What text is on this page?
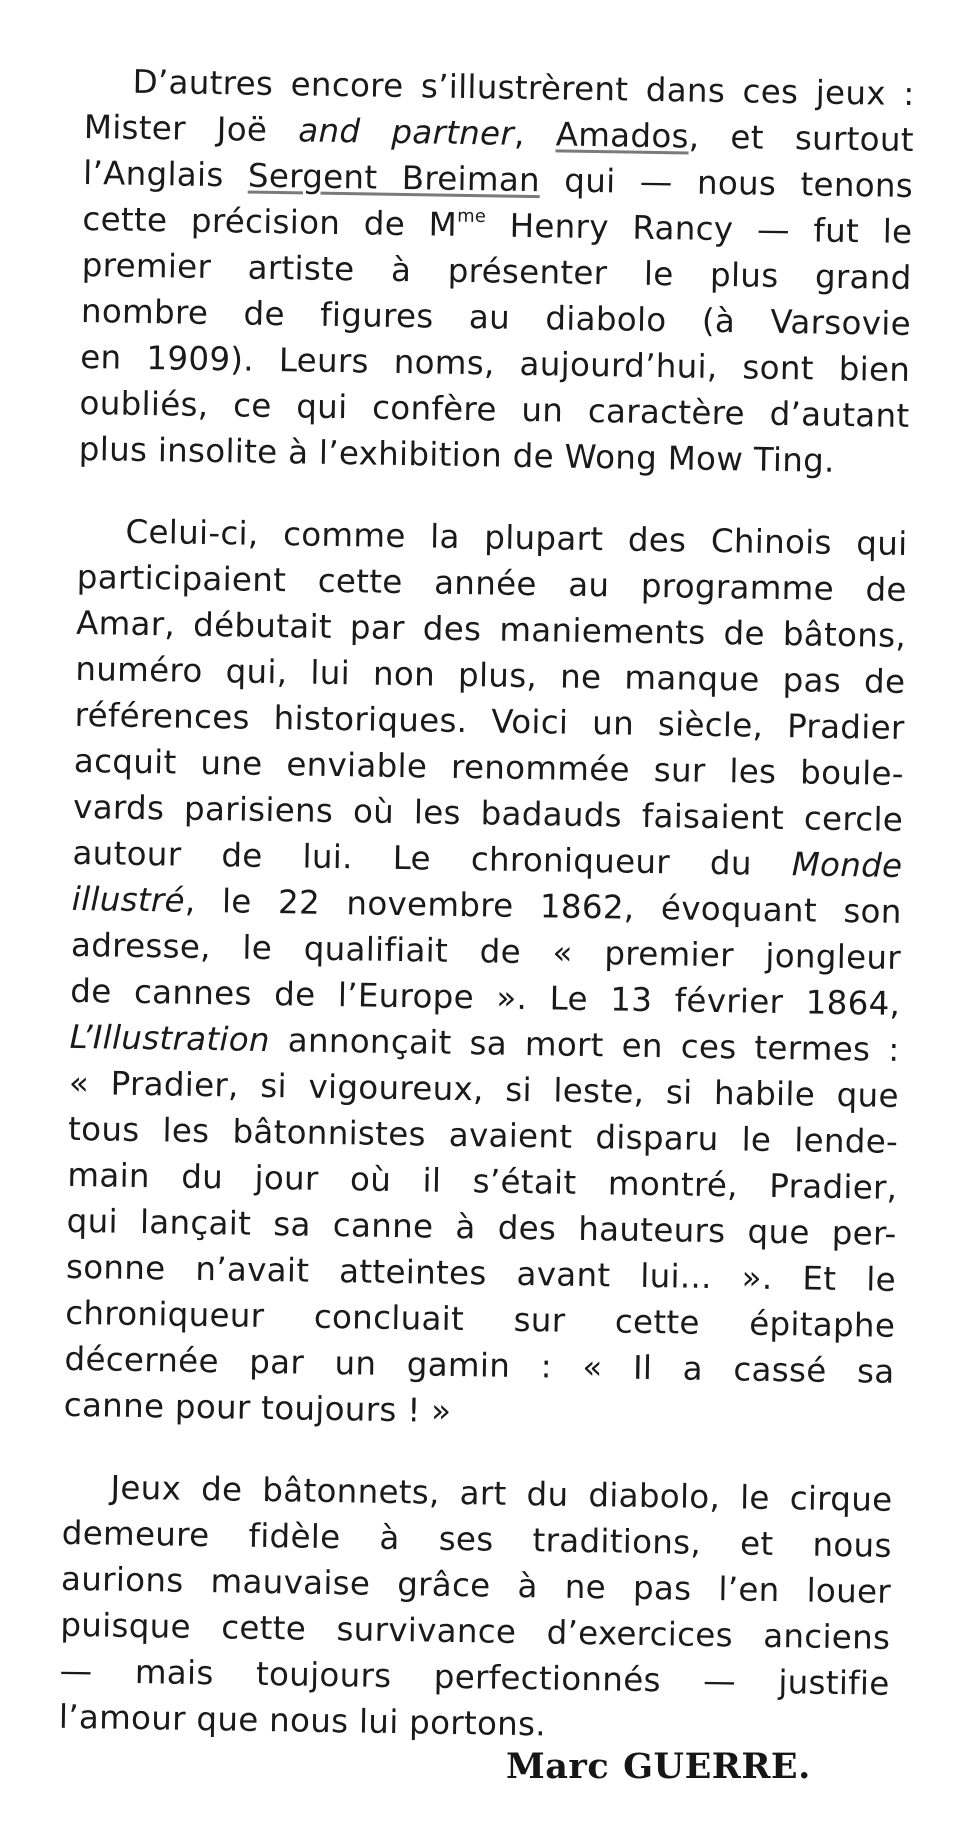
D’autres encore s’illustrèrent dans ces jeux :
Mister Joë and partner, Amados, et surtout
l’Anglais Sergent Breiman qui — nous tenons
cette précision de $M^{me}$ Henry Rancy — fut le
premier artiste à présenter le plus grand
nombre de figures au diabolo (à Varsovie
en 1909). Leurs noms, aujourd’hui, sont bien
oubliés, ce qui confère un caractère d’autant
plus insolite à l’exhibition de Wong Mow Ting.
Celui-ci, comme la plupart des Chinois qui
participaient cette année au programme de
Amar, débutait par des maniements de bâtons,
numéro qui, lui non plus, ne manque pas de
références historiques. Voici un siècle, Pradier
acquit une enviable renommée sur les boule-
vards parisiens où les badauds faisaient cercle
autour de lui. Le chroniqueur du Monde
illustré, le 22 novembre 1862, évoquant son
adresse, le qualifiait de « premier jongleur
de cannes de l’Europe ». Le 13 février 1864,
L’Illustration annonçait sa mort en ces termes :
« Pradier, si vigoureux, si leste, si habile que
tous les bâtonnistes avaient disparu le lende-
main du jour où il s’était montré, Pradier,
qui lançait sa canne à des hauteurs que per-
sonne n’avait atteintes avant lui... ». Et le
chroniqueur concluait sur cette épitaphe
décernée par un gamin : « Il a cassé sa
canne pour toujours ! »
Jeux de bâtonnets, art du diabolo, le cirque
demeure fidèle à ses traditions, et nous
aurions mauvaise grâce à ne pas l’en louer
puisque cette survivance d’exercices anciens
— mais toujours perfectionnés — justifie
l’amour que nous lui portons.
Marc GUERRE.
